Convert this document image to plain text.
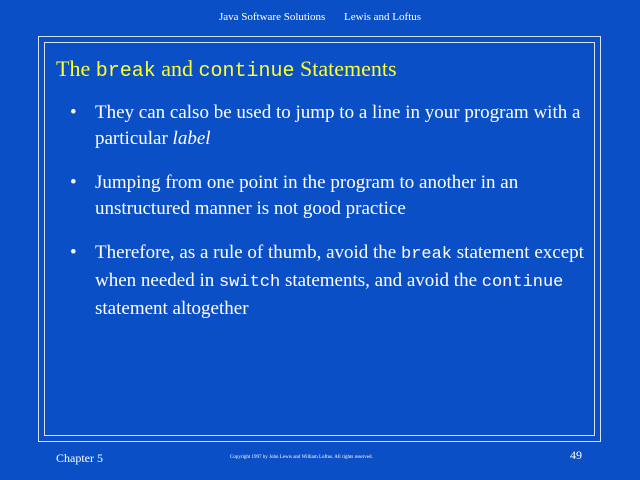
Java Software Solutions Lewis and Loftus
The break and continue Statements
• They can calso be used to jump to a line in your program with a particular label
• Jumping from one point in the program to another in an unstructured manner is not good practice
• Therefore, as a rule of thumb, avoid the break statement except when needed in switch statements, and avoid the continue statement altogether
Chapter 5	Copyright 1997 by John Lewis and William Loftus. All rights reserved.	49
